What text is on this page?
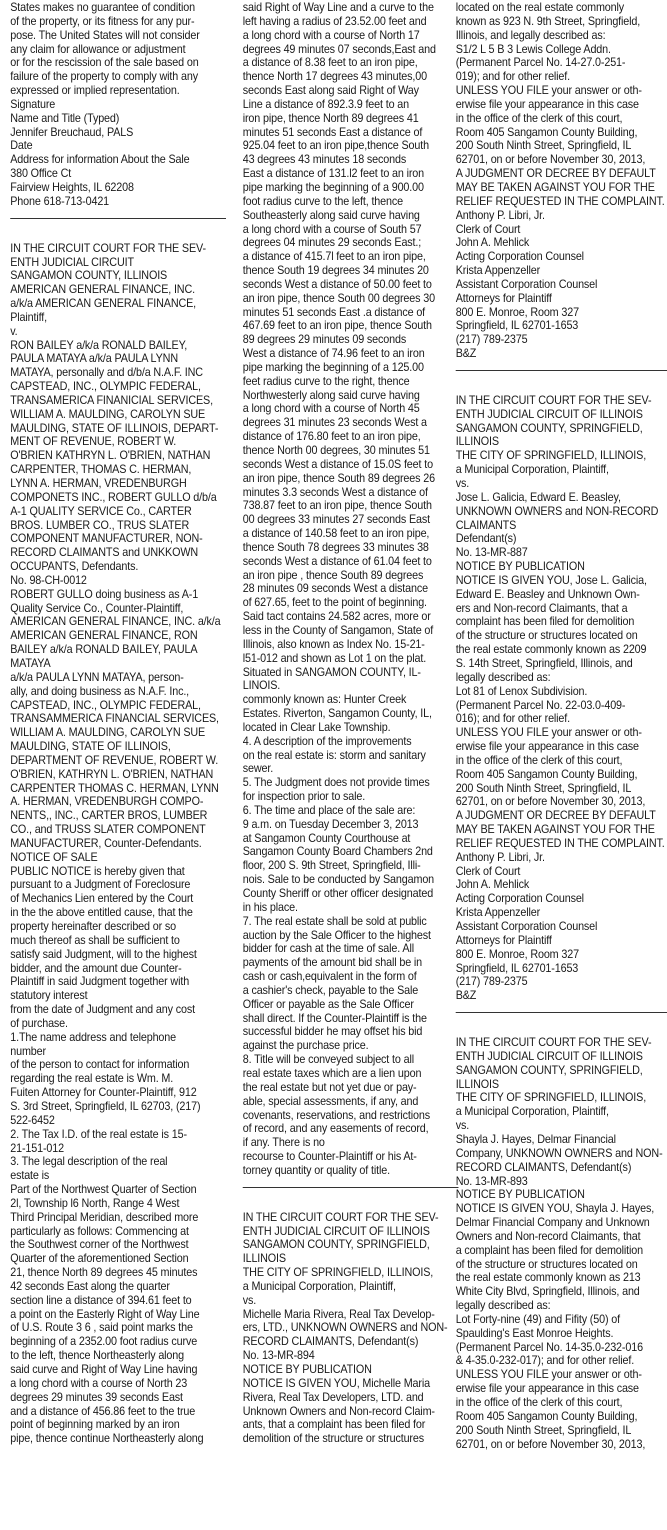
States makes no guarantee of condition
of the property, or its fitness for any pur-
pose. The United States will not consider
any claim for allowance or adjustment
or for the rescission of the sale based on
failure of the property to comply with any
expressed or implied representation.
Signature
Name and Title (Typed)
Jennifer Breuchaud, PALS
Date
Address for information About the Sale
380 Office Ct
Fairview Heights, IL 62208
Phone 618-713-0421
IN THE CIRCUIT COURT FOR THE SEV-
ENTH JUDICIAL CIRCUIT
SANGAMON COUNTY, ILLINOIS
AMERICAN GENERAL FINANCE, INC.
a/k/a AMERICAN GENERAL FINANCE,
Plaintiff,
v.
RON BAILEY a/k/a RONALD BAILEY,
PAULA MATAYA a/k/a PAULA LYNN
MATAYA, personally and d/b/a N.A.F. INC
CAPSTEAD, INC., OLYMPIC FEDERAL,
TRANSAMERICA FINANICIAL SERVICES,
WILLIAM A. MAULDING, CAROLYN SUE
MAULDING, STATE OF ILLINOIS, DEPART-
MENT OF REVENUE, ROBERT W.
O'BRIEN KATHRYN L. O'BRIEN, NATHAN
CARPENTER, THOMAS C. HERMAN,
LYNN A. HERMAN, VREDENBURGH
COMPONETS INC., ROBERT GULLO d/b/a
A-1 QUALITY SERVICE Co., CARTER
BROS. LUMBER CO., TRUS SLATER
COMPONENT MANUFACTURER, NON-
RECORD CLAIMANTS and UNKKOWN
OCCUPANTS, Defendants.
No. 98-CH-0012
ROBERT GULLO doing business as A-1
Quality Service Co., Counter-Plaintiff,
AMERICAN GENERAL FINANCE, INC. a/k/a
AMERICAN GENERAL FINANCE, RON
BAILEY a/k/a RONALD BAILEY, PAULA
MATAYA
a/k/a PAULA LYNN MATAYA, person-
ally, and doing business as N.A.F. Inc.,
CAPSTEAD, INC., OLYMPIC FEDERAL,
TRANSAMMERICA FINANCIAL SERVICES,
WILLIAM A. MAULDING, CAROLYN SUE
MAULDING, STATE OF ILLINOIS,
DEPARTMENT OF REVENUE, ROBERT W.
O'BRIEN, KATHRYN L. O'BRIEN, NATHAN
CARPENTER THOMAS C. HERMAN, LYNN
A. HERMAN, VREDENBURGH COMPO-
NENTS,, INC., CARTER BROS, LUMBER
CO., and TRUSS SLATER COMPONENT
MANUFACTURER, Counter-Defendants.
NOTICE OF SALE
PUBLIC NOTICE is hereby given that
pursuant to a Judgment of Foreclosure
of Mechanics Lien entered by the Court
in the the above entitled cause, that the
property hereinafter described or so
much thereof as shall be sufficient to
satisfy said Judgment, will to the highest
bidder, and the amount due Counter-
Plaintiff in said Judgment together with
statutory interest
from the date of Judgment and any cost
of purchase.
1.The name address and telephone
number
of the person to contact for information
regarding the real estate is Wm. M.
Fuiten Attorney for Counter-Plaintiff, 912
S. 3rd Street, Springfield, IL 62703, (217)
522-6452
2. The Tax I.D. of the real estate is 15-
21-151-012
3. The legal description of the real
estate is
Part of the Northwest Quarter of Section
2l, Township l6 North, Range 4 West
Third Principal Meridian, described more
particularly as follows: Commencing at
the Southwest corner of the Northwest
Quarter of the aforementioned Section
21, thence North 89 degrees 45 minutes
42 seconds East along the quarter
section line a distance of 394.61 feet to
a point on the Easterly Right of Way Line
of U.S. Route 3 6 , said point marks the
beginning of a 2352.00 foot radius curve
to the left, thence Northeasterly along
said curve and Right of Way Line having
a long chord with a course of North 23
degrees 29 minutes 39 seconds East
and a distance of 456.86 feet to the true
point of beginning marked by an iron
pipe, thence continue Northeasterly along
said Right of Way Line and a curve to the
left having a radius of 23.52.00 feet and
a long chord with a course of North 17
degrees 49 minutes 07 seconds,East and
a distance of 8.38 feet to an iron pipe,
thence North 17 degrees 43 minutes,00
seconds East along said Right of Way
Line a distance of 892.3.9 feet to an
iron pipe, thence North 89 degrees 41
minutes 51 seconds East a distance of
925.04 feet to an iron pipe,thence South
43 degrees 43 minutes 18 seconds
East a distance of 131.l2 feet to an iron
pipe marking the beginning of a 900.00
foot radius curve to the left, thence
Southeasterly along said curve having
a long chord with a course of South 57
degrees 04 minutes 29 seconds East.;
a distance of 415.7l feet to an iron pipe,
thence South 19 degrees 34 minutes 20
seconds West a distance of 50.00 feet to
an iron pipe, thence South 00 degrees 30
minutes 51 seconds East .a distance of
467.69 feet to an iron pipe, thence South
89 degrees 29 minutes 09 seconds
West a distance of 74.96 feet to an iron
pipe marking the beginning of a 125.00
feet radius curve to the right, thence
Northwesterly along said curve having
a long chord with a course of North 45
degrees 31 minutes 23 seconds West a
distance of 176.80 feet to an iron pipe,
thence North 00 degrees, 30 minutes 51
seconds West a distance of 15.0S feet to
an iron pipe, thence South 89 degrees 26
minutes 3.3 seconds West a distance of
738.87 feet to an iron pipe, thence South
00 degrees 33 minutes 27 seconds East
a distance of 140.58 feet to an iron pipe,
thence South 78 degrees 33 minutes 38
seconds West a distance of 61.04 feet to
an iron pipe , thence South 89 degrees
28 minutes 09 seconds West a distance
of 627.65, feet to the point of beginning.
Said tact contains 24.582 acres, more or
less in the County of Sangamon, State of
Illinois, also known as Index No. 15-21-
l51-012 and shown as Lot 1 on the plat.
Situated in SANGAMON COUNTY, IL-
LINOIS.
commonly known as: Hunter Creek
Estates. Riverton, Sangamon County, IL,
located in Clear Lake Township.
4. A description of the improvements
on the real estate is: storm and sanitary
sewer.
5. The Judgment does not provide times
for inspection prior to sale.
6. The time and place of the sale are:
9 a.m. on Tuesday December 3, 2013
at Sangamon County Courthouse at
Sangamon County Board Chambers 2nd
floor, 200 S. 9th Street, Springfield, Illi-
nois. Sale to be conducted by Sangamon
County Sheriff or other officer designated
in his place.
7. The real estate shall be sold at public
auction by the Sale Officer to the highest
bidder for cash at the time of sale. All
payments of the amount bid shall be in
cash or cash,equivalent in the form of
a cashier's check, payable to the Sale
Officer or payable as the Sale Officer
shall direct. If the Counter-Plaintiff is the
successful bidder he may offset his bid
against the purchase price.
8. Title will be conveyed subject to all
real estate taxes which are a lien upon
the real estate but not yet due or pay-
able, special assessments, if any, and
covenants, reservations, and restrictions
of record, and any easements of record,
if any. There is no
recourse to Counter-Plaintiff or his At-
torney quantity or quality of title.
IN THE CIRCUIT COURT FOR THE SEV-
ENTH JUDICIAL CIRCUIT OF ILLINOIS
SANGAMON COUNTY, SPRINGFIELD,
ILLINOIS
THE CITY OF SPRINGFIELD, ILLINOIS,
a Municipal Corporation, Plaintiff,
vs.
Michelle Maria Rivera, Real Tax Develop-
ers, LTD., UNKNOWN OWNERS and NON-
RECORD CLAIMANTS, Defendant(s)
No. 13-MR-894
NOTICE BY PUBLICATION
NOTICE IS GIVEN YOU, Michelle Maria
Rivera, Real Tax Developers, LTD. and
Unknown Owners and Non-record Claim-
ants, that a complaint has been filed for
demolition of the structure or structures
located on the real estate commonly
known as 923 N. 9th Street, Springfield,
Illinois, and legally described as:
S1/2 L 5 B 3 Lewis College Addn.
(Permanent Parcel No. 14-27.0-251-
019); and for other relief.
UNLESS YOU FILE your answer or oth-
erwise file your appearance in this case
in the office of the clerk of this court,
Room 405 Sangamon County Building,
200 South Ninth Street, Springfield, IL
62701, on or before November 30, 2013,
A JUDGMENT OR DECREE BY DEFAULT
MAY BE TAKEN AGAINST YOU FOR THE
RELIEF REQUESTED IN THE COMPLAINT.
Anthony P. Libri, Jr.
Clerk of Court
John A. Mehlick
Acting Corporation Counsel
Krista Appenzeller
Assistant Corporation Counsel
Attorneys for Plaintiff
800 E. Monroe, Room 327
Springfield, IL 62701-1653
(217) 789-2375
B&Z
IN THE CIRCUIT COURT FOR THE SEV-
ENTH JUDICIAL CIRCUIT OF ILLINOIS
SANGAMON COUNTY, SPRINGFIELD,
ILLINOIS
THE CITY OF SPRINGFIELD, ILLINOIS,
a Municipal Corporation, Plaintiff,
vs.
Jose L. Galicia, Edward E. Beasley,
UNKNOWN OWNERS and NON-RECORD
CLAIMANTS
Defendant(s)
No. 13-MR-887
NOTICE BY PUBLICATION
NOTICE IS GIVEN YOU, Jose L. Galicia,
Edward E. Beasley and Unknown Own-
ers and Non-record Claimants, that a
complaint has been filed for demolition
of the structure or structures located on
the real estate commonly known as 2209
S. 14th Street, Springfield, Illinois, and
legally described as:
Lot 81 of Lenox Subdivision.
(Permanent Parcel No. 22-03.0-409-
016); and for other relief.
UNLESS YOU FILE your answer or oth-
erwise file your appearance in this case
in the office of the clerk of this court,
Room 405 Sangamon County Building,
200 South Ninth Street, Springfield, IL
62701, on or before November 30, 2013,
A JUDGMENT OR DECREE BY DEFAULT
MAY BE TAKEN AGAINST YOU FOR THE
RELIEF REQUESTED IN THE COMPLAINT.
Anthony P. Libri, Jr.
Clerk of Court
John A. Mehlick
Acting Corporation Counsel
Krista Appenzeller
Assistant Corporation Counsel
Attorneys for Plaintiff
800 E. Monroe, Room 327
Springfield, IL 62701-1653
(217) 789-2375
B&Z
IN THE CIRCUIT COURT FOR THE SEV-
ENTH JUDICIAL CIRCUIT OF ILLINOIS
SANGAMON COUNTY, SPRINGFIELD,
ILLINOIS
THE CITY OF SPRINGFIELD, ILLINOIS,
a Municipal Corporation, Plaintiff,
vs.
Shayla J. Hayes, Delmar Financial
Company, UNKNOWN OWNERS and NON-
RECORD CLAIMANTS, Defendant(s)
No. 13-MR-893
NOTICE BY PUBLICATION
NOTICE IS GIVEN YOU, Shayla J. Hayes,
Delmar Financial Company and Unknown
Owners and Non-record Claimants, that
a complaint has been filed for demolition
of the structure or structures located on
the real estate commonly known as 213
White City Blvd, Springfield, Illinois, and
legally described as:
Lot Forty-nine (49) and Fifity (50) of
Spaulding's East Monroe Heights.
(Permanent Parcel No. 14-35.0-232-016
& 4-35.0-232-017); and for other relief.
UNLESS YOU FILE your answer or oth-
erwise file your appearance in this case
in the office of the clerk of this court,
Room 405 Sangamon County Building,
200 South Ninth Street, Springfield, IL
62701, on or before November 30, 2013,
